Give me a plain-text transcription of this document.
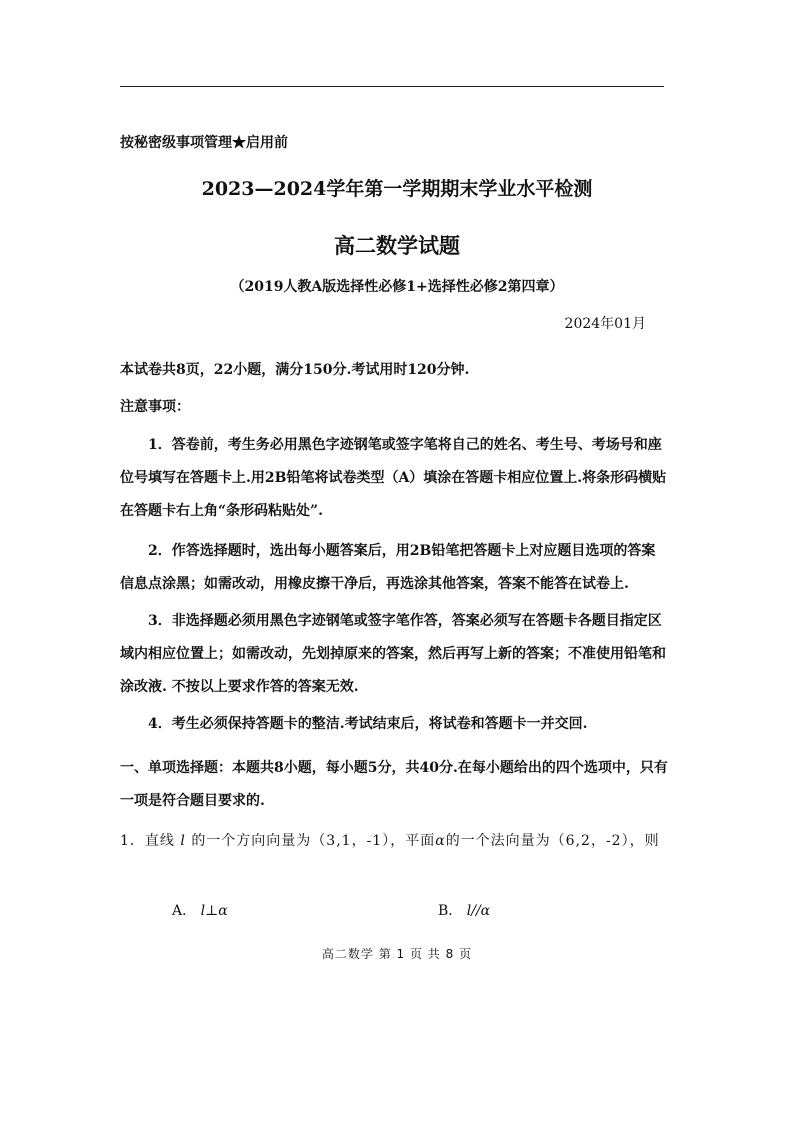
按秘密级事项管理★启用前
2023—2024学年第一学期期末学业水平检测
高二数学试题
（2019人教A版选择性必修1+选择性必修2第四章）
2024年01月
本试卷共8页，22小题，满分150分.考试用时120分钟.
注意事项：
1．答卷前，考生务必用黑色字迹钢笔或签字笔将自己的姓名、考生号、考场号和座位号填写在答题卡上.用2B铅笔将试卷类型（A）填涂在答题卡相应位置上.将条形码横贴在答题卡右上角“条形码粘贴处”.
2．作答选择题时，选出每小题答案后，用2B铅笔把答题卡上对应题目选项的答案信息点涂黑；如需改动，用橡皮擦干净后，再选涂其他答案，答案不能答在试卷上.
3．非选择题必须用黑色字迹钢笔或签字笔作答，答案必须写在答题卡各题目指定区域内相应位置上；如需改动，先划掉原来的答案，然后再写上新的答案；不准使用铅笔和涂改液. 不按以上要求作答的答案无效.
4．考生必须保持答题卡的整洁.考试结束后，将试卷和答题卡一并交回.
一、单项选择题：本题共8小题，每小题5分，共40分.在每小题给出的四个选项中，只有一项是符合题目要求的.
1．直线 l 的一个方向向量为（3,1，-1），平面α的一个法向量为（6,2，-2），则
A． l⊥α	B． l//α
高二数学 第 1 页 共 8 页
